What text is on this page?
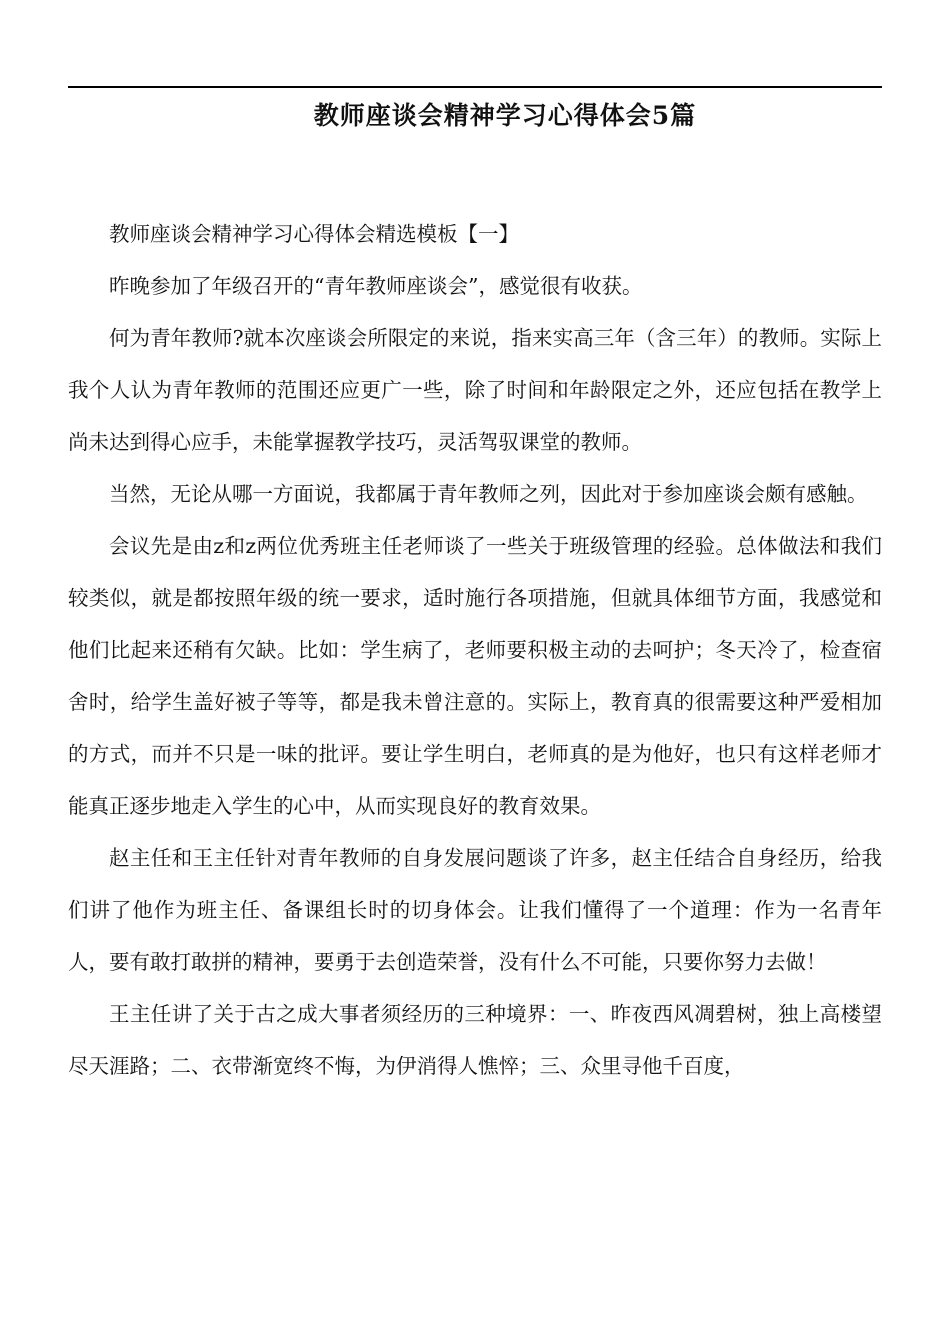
教师座谈会精神学习心得体会5篇

教师座谈会精神学习心得体会精选模板【一】

昨晚参加了年级召开的“青年教师座谈会”，感觉很有收获。

何为青年教师?就本次座谈会所限定的来说，指来实高三年（含三年）的教师。实际上我个人认为青年教师的范围还应更广一些，除了时间和年龄限定之外，还应包括在教学上尚未达到得心应手，未能掌握教学技巧，灵活驾驭课堂的教师。

当然，无论从哪一方面说，我都属于青年教师之列，因此对于参加座谈会颇有感触。

会议先是由z和z两位优秀班主任老师谈了一些关于班级管理的经验。总体做法和我们较类似，就是都按照年级的统一要求，适时施行各项措施，但就具体细节方面，我感觉和他们比起来还稍有欠缺。比如：学生病了，老师要积极主动的去呵护；冬天冷了，检查宿舍时，给学生盖好被子等等，都是我未曾注意的。实际上，教育真的很需要这种严爱相加的方式，而并不只是一味的批评。要让学生明白，老师真的是为他好，也只有这样老师才能真正逐步地走入学生的心中，从而实现良好的教育效果。

赵主任和王主任针对青年教师的自身发展问题谈了许多，赵主任结合自身经历，给我们讲了他作为班主任、备课组长时的切身体会。让我们懂得了一个道理：作为一名青年人，要有敢打敢拼的精神，要勇于去创造荣誉，没有什么不可能，只要你努力去做！

王主任讲了关于古之成大事者须经历的三种境界：一、昨夜西风凋碧树，独上高楼望尽天涯路；二、衣带渐宽终不悔，为伊消得人憔悴；三、众里寻他千百度，
